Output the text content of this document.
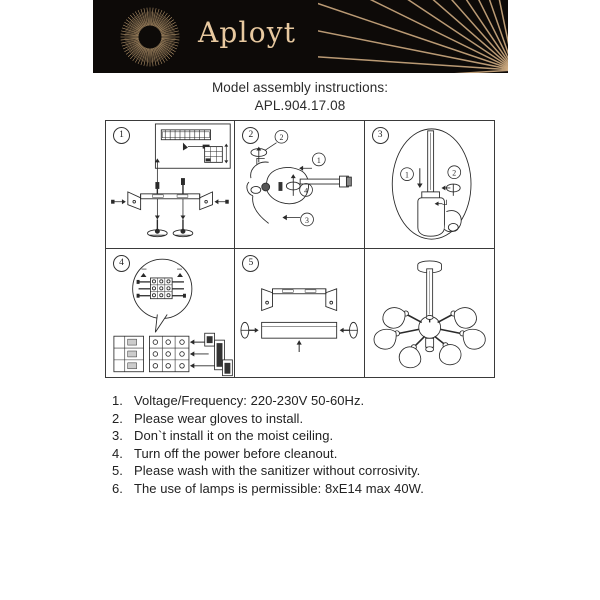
Aployt
Model assembly instructions:
APL.904.17.08
1	2
1
2
3
4
3
1	2
4	5
1. Voltage/Frequency: 220-230V 50-60Hz.
2. Please wear gloves to install.
3. Don`t install it on the moist ceiling.
4. Turn off the power before cleanout.
5. Please wash with the sanitizer without corrosivity.
6. The use of lamps is permissible: 8xE14 max 40W.
